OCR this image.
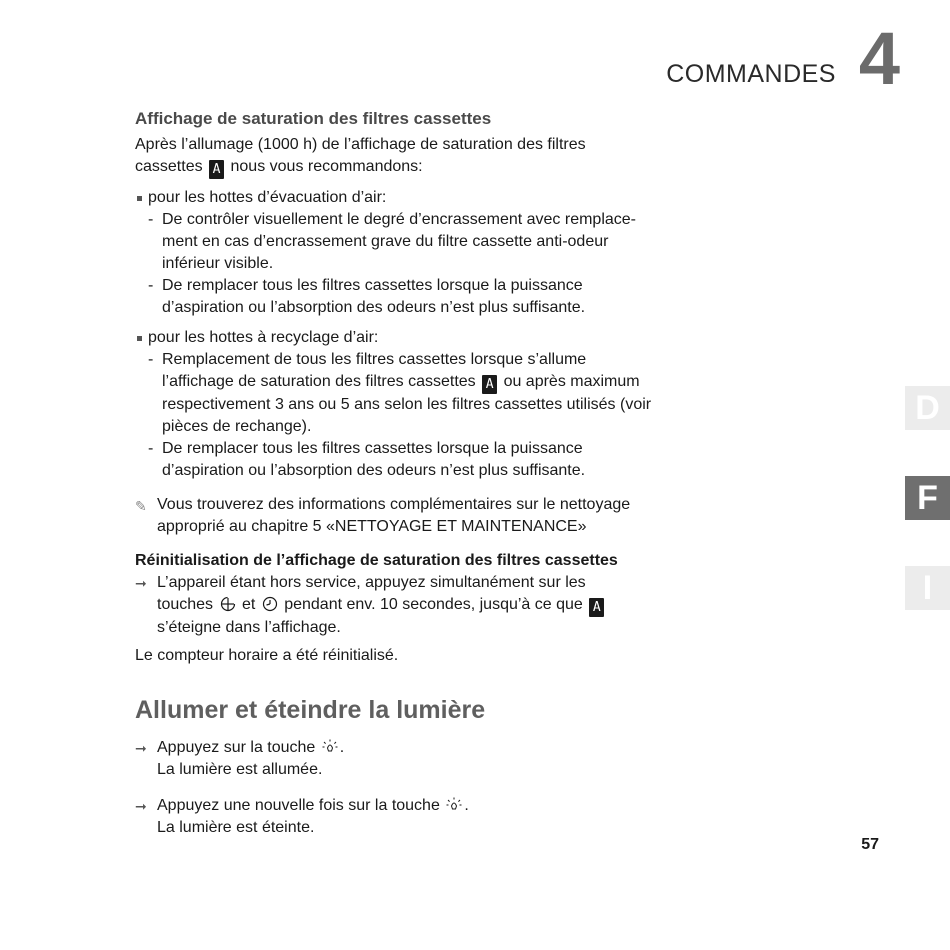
COMMANDES 4
D
F
I
Affichage de saturation des filtres cassettes

Après l’allumage (1000 h) de l’affichage de saturation des filtres
cassettes A nous vous recommandons:

pour les hottes d’évacuation d’air:
- De contrôler visuellement le degré d’encrassement avec remplace-ment en cas d’encrassement grave du filtre cassette anti-odeur inférieur visible.
- De remplacer tous les filtres cassettes lorsque la puissance d’aspiration ou l’absorption des odeurs n’est plus suffisante.
pour les hottes à recyclage d’air:
- Remplacement de tous les filtres cassettes lorsque s’allume
l’affichage de saturation des filtres cassettes A ou après maximum respectivement 3 ans ou 5 ans selon les filtres cassettes utilisés (voir pièces de rechange).
- De remplacer tous les filtres cassettes lorsque la puissance d’aspiration ou l’absorption des odeurs n’est plus suffisante.
✎ Vous trouverez des informations complémentaires sur le nettoyage approprié au chapitre 5 «NETTOYAGE ET MAINTENANCE»
Réinitialisation de l’affichage de saturation des filtres cassettes
➞ L’appareil étant hors service, appuyez simultanément sur les
touches et pendant env. 10 secondes, jusqu’à ce que A
s’éteigne dans l’affichage.

Le compteur horaire a été réinitialisé.

Allumer et éteindre la lumière
➞ Appuyez sur la touche .
La lumière est allumée.
➞ Appuyez une nouvelle fois sur la touche .
La lumière est éteinte.
57
